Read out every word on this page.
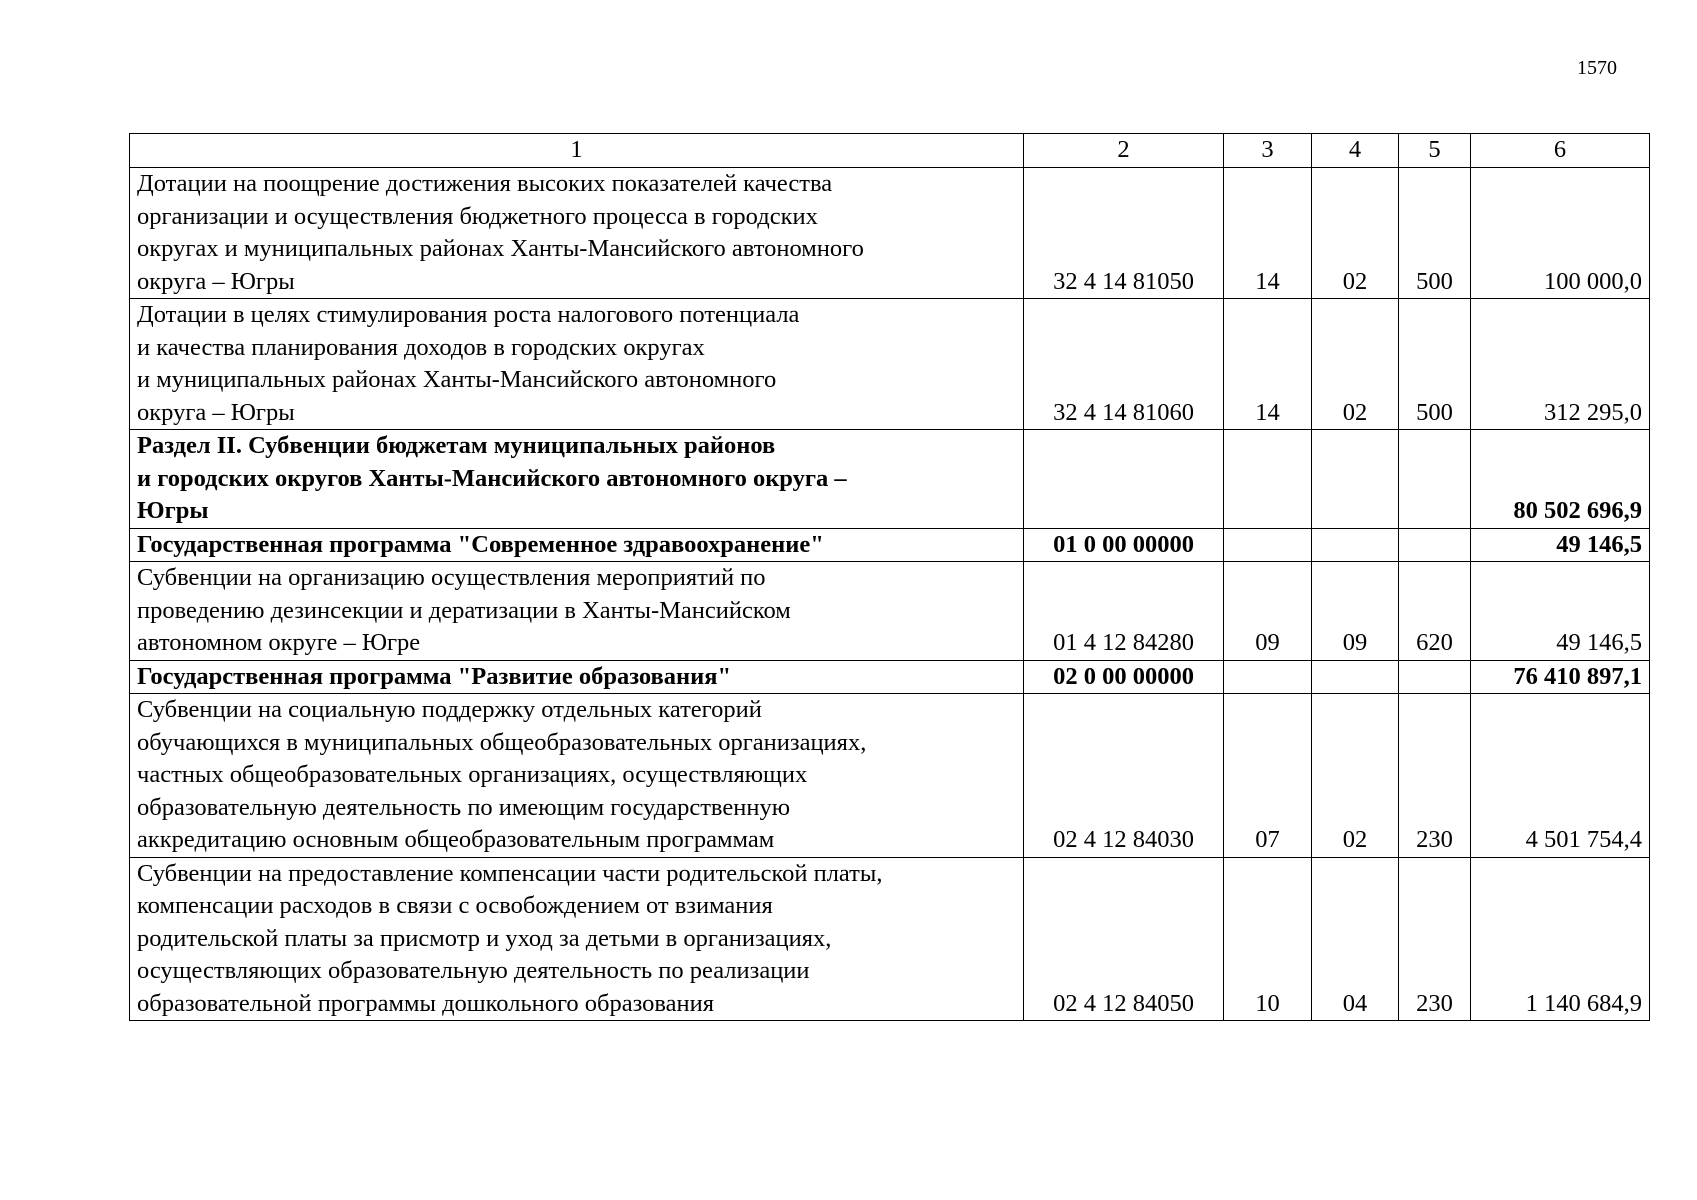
1570
1	2	3	4	5	6

Дотации на поощрение достижения высоких показателей качества
организации и осуществления бюджетного процесса в городских
округах и муниципальных районах Ханты-Мансийского автономного
округа – Югры	32 4 14 81050	14	02	500	100 000,0

Дотации в целях стимулирования роста налогового потенциала
и качества планирования доходов в городских округах
и муниципальных районах Ханты-Мансийского автономного
округа – Югры	32 4 14 81060	14	02	500	312 295,0

Раздел II. Субвенции бюджетам муниципальных районов
и городских округов Ханты-Мансийского автономного округа –
Югры					80 502 696,9

Государственная программа "Современное здравоохранение"	01 0 00 00000				49 146,5

Субвенции на организацию осуществления мероприятий по
проведению дезинсекции и дератизации в Ханты-Мансийском
автономном округе – Югре	01 4 12 84280	09	09	620	49 146,5

Государственная программа "Развитие образования"	02 0 00 00000				76 410 897,1

Субвенции на социальную поддержку отдельных категорий
обучающихся в муниципальных общеобразовательных организациях,
частных общеобразовательных организациях, осуществляющих
образовательную деятельность по имеющим государственную
аккредитацию основным общеобразовательным программам	02 4 12 84030	07	02	230	4 501 754,4

Субвенции на предоставление компенсации части родительской платы,
компенсации расходов в связи с освобождением от взимания
родительской платы за присмотр и уход за детьми в организациях,
осуществляющих образовательную деятельность по реализации
образовательной программы дошкольного образования	02 4 12 84050	10	04	230	1 140 684,9
